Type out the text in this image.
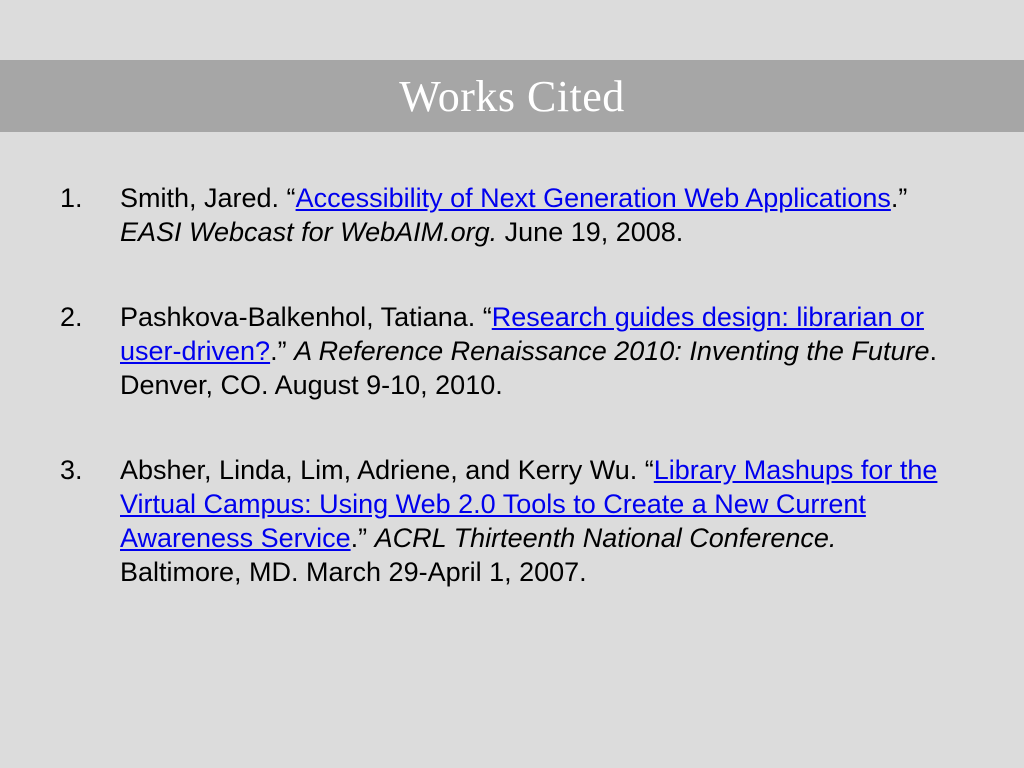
Works Cited
1. Smith, Jared. “Accessibility of Next Generation Web Applications.” EASI Webcast for WebAIM.org. June 19, 2008.
2. Pashkova-Balkenhol, Tatiana. “Research guides design: librarian or user-driven?.” A Reference Renaissance 2010: Inventing the Future. Denver, CO. August 9-10, 2010.
3. Absher, Linda, Lim, Adriene, and Kerry Wu. “Library Mashups for the Virtual Campus: Using Web 2.0 Tools to Create a New Current Awareness Service.” ACRL Thirteenth National Conference. Baltimore, MD. March 29-April 1, 2007.
